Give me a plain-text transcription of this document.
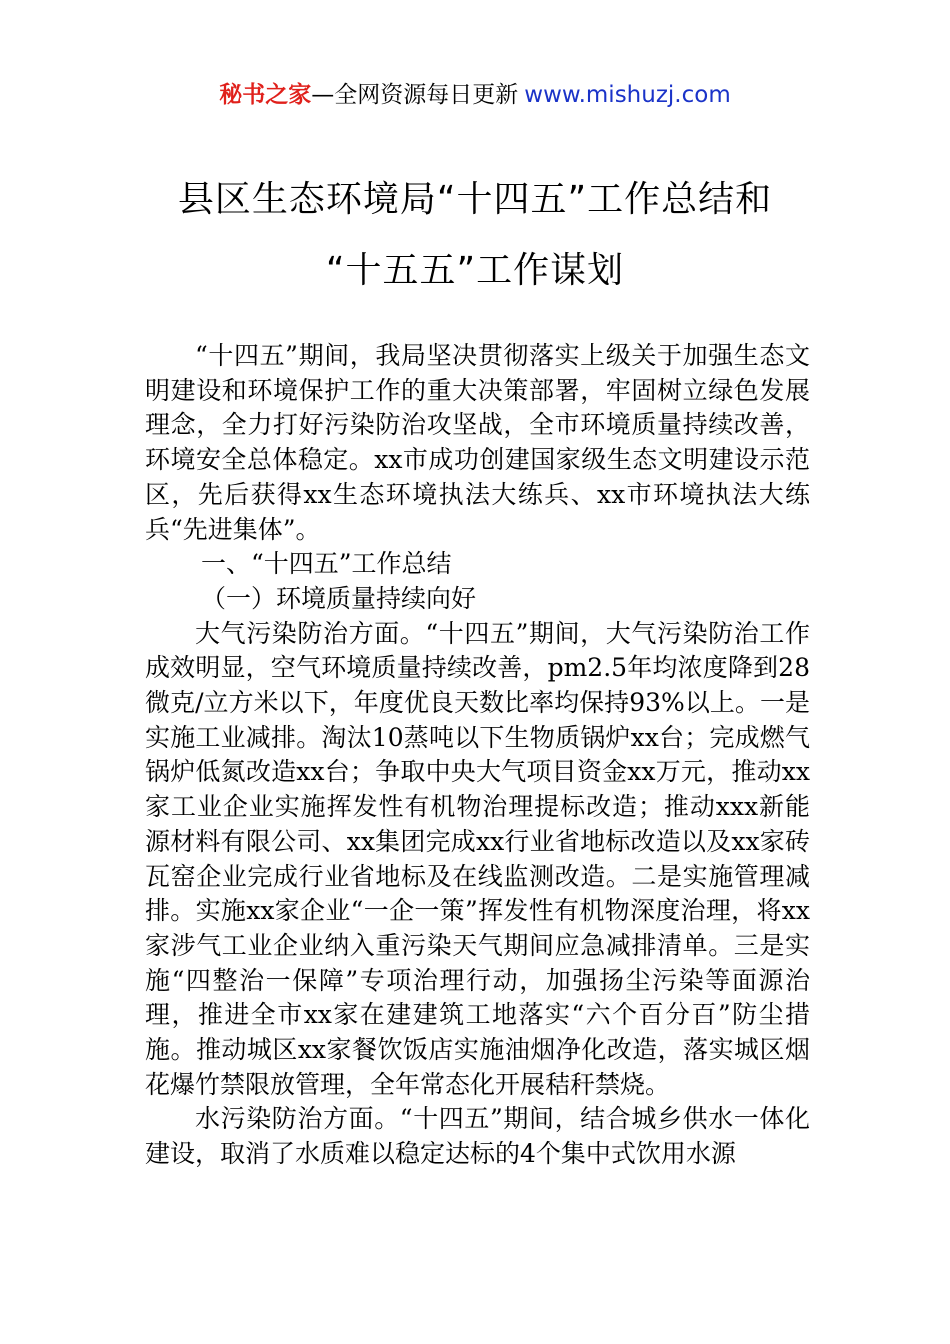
秘书之家—全网资源每日更新 www.mishuzj.com
县区生态环境局“十四五”工作总结和
“十五五”工作谋划

“十四五”期间，我局坚决贯彻落实上级关于加强生态文明建设和环境保护工作的重大决策部署，牢固树立绿色发展理念，全力打好污染防治攻坚战，全市环境质量持续改善，环境安全总体稳定。xx市成功创建国家级生态文明建设示范区，先后获得xx生态环境执法大练兵、xx市环境执法大练兵“先进集体”。

一、“十四五”工作总结

（一）环境质量持续向好

大气污染防治方面。“十四五”期间，大气污染防治工作成效明显，空气环境质量持续改善，pm2.5年均浓度降到28微克/立方米以下，年度优良天数比率均保持93%以上。一是实施工业减排。淘汰10蒸吨以下生物质锅炉xx台；完成燃气锅炉低氮改造xx台；争取中央大气项目资金xx万元，推动xx家工业企业实施挥发性有机物治理提标改造；推动xxx新能源材料有限公司、xx集团完成xx行业省地标改造以及xx家砖瓦窑企业完成行业省地标及在线监测改造。二是实施管理减排。实施xx家企业“一企一策”挥发性有机物深度治理，将xx家涉气工业企业纳入重污染天气期间应急减排清单。三是实施“四整治一保障”专项治理行动，加强扬尘污染等面源治理，推进全市xx家在建建筑工地落实“六个百分百”防尘措施。推动城区xx家餐饮饭店实施油烟净化改造，落实城区烟花爆竹禁限放管理，全年常态化开展秸秆禁烧。

水污染防治方面。“十四五”期间，结合城乡供水一体化建设，取消了水质难以稳定达标的4个集中式饮用水源
